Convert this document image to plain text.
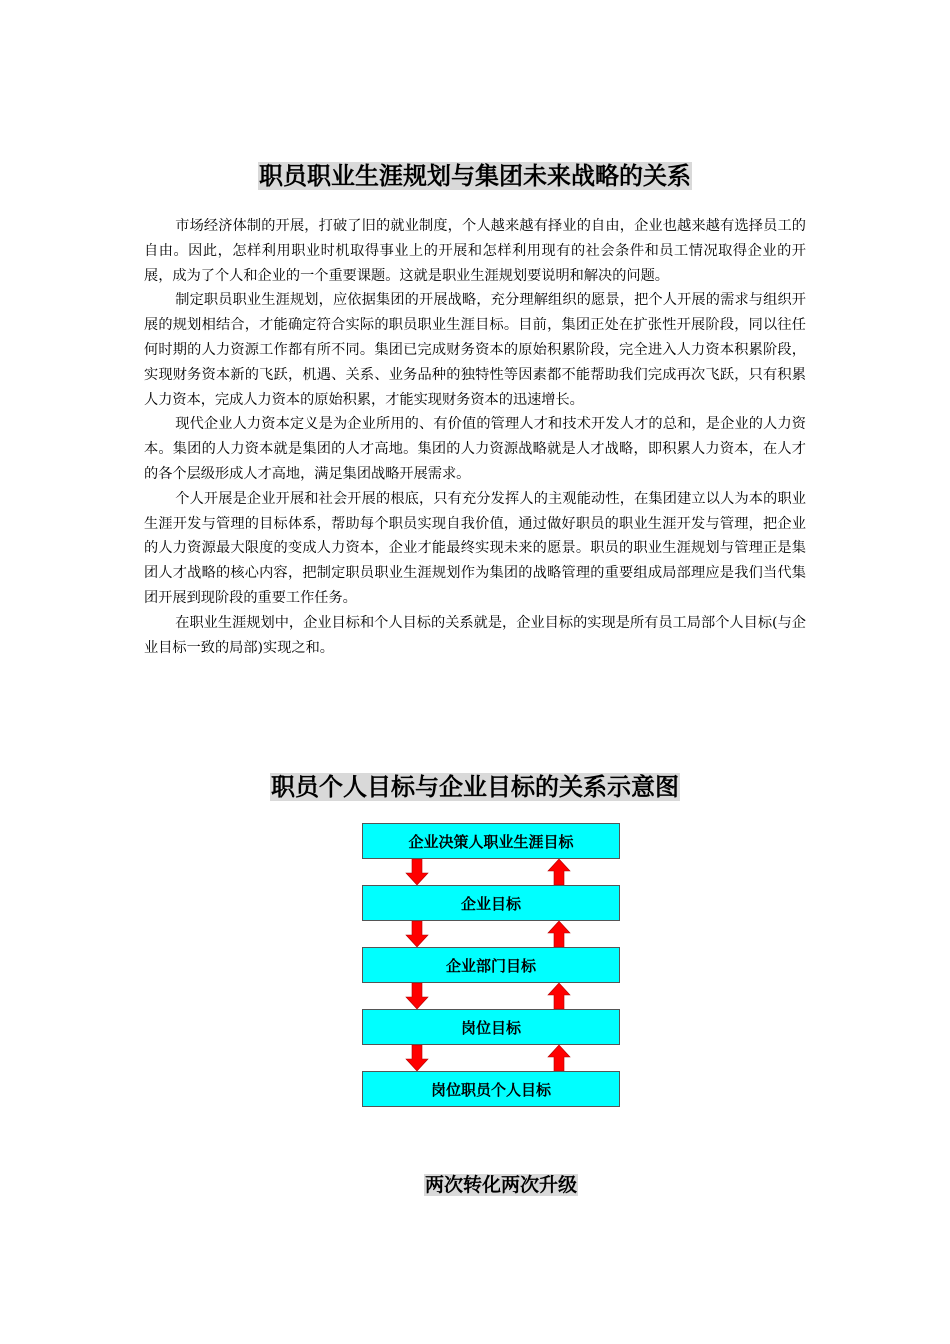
职员职业生涯规划与集团未来战略的关系

市场经济体制的开展，打破了旧的就业制度，个人越来越有择业的自由，企业也越来越有选择员工的自由。因此，怎样利用职业时机取得事业上的开展和怎样利用现有的社会条件和员工情况取得企业的开展，成为了个人和企业的一个重要课题。这就是职业生涯规划要说明和解决的问题。

制定职员职业生涯规划，应依据集团的开展战略，充分理解组织的愿景，把个人开展的需求与组织开展的规划相结合，才能确定符合实际的职员职业生涯目标。目前，集团正处在扩张性开展阶段，同以往任何时期的人力资源工作都有所不同。集团已完成财务资本的原始积累阶段，完全进入人力资本积累阶段，实现财务资本新的飞跃，机遇、关系、业务品种的独特性等因素都不能帮助我们完成再次飞跃，只有积累人力资本，完成人力资本的原始积累，才能实现财务资本的迅速增长。

现代企业人力资本定义是为企业所用的、有价值的管理人才和技术开发人才的总和，是企业的人力资本。集团的人力资本就是集团的人才高地。集团的人力资源战略就是人才战略，即积累人力资本，在人才的各个层级形成人才高地，满足集团战略开展需求。

个人开展是企业开展和社会开展的根底，只有充分发挥人的主观能动性，在集团建立以人为本的职业生涯开发与管理的目标体系，帮助每个职员实现自我价值，通过做好职员的职业生涯开发与管理，把企业的人力资源最大限度的变成人力资本，企业才能最终实现未来的愿景。职员的职业生涯规划与管理正是集团人才战略的核心内容，把制定职员职业生涯规划作为集团的战略管理的重要组成局部理应是我们当代集团开展到现阶段的重要工作任务。

在职业生涯规划中，企业目标和个人目标的关系就是，企业目标的实现是所有员工局部个人目标(与企业目标一致的局部)实现之和。

职员个人目标与企业目标的关系示意图
企业决策人职业生涯目标
企业目标
企业部门目标
岗位目标
岗位职员个人目标
两次转化两次升级
